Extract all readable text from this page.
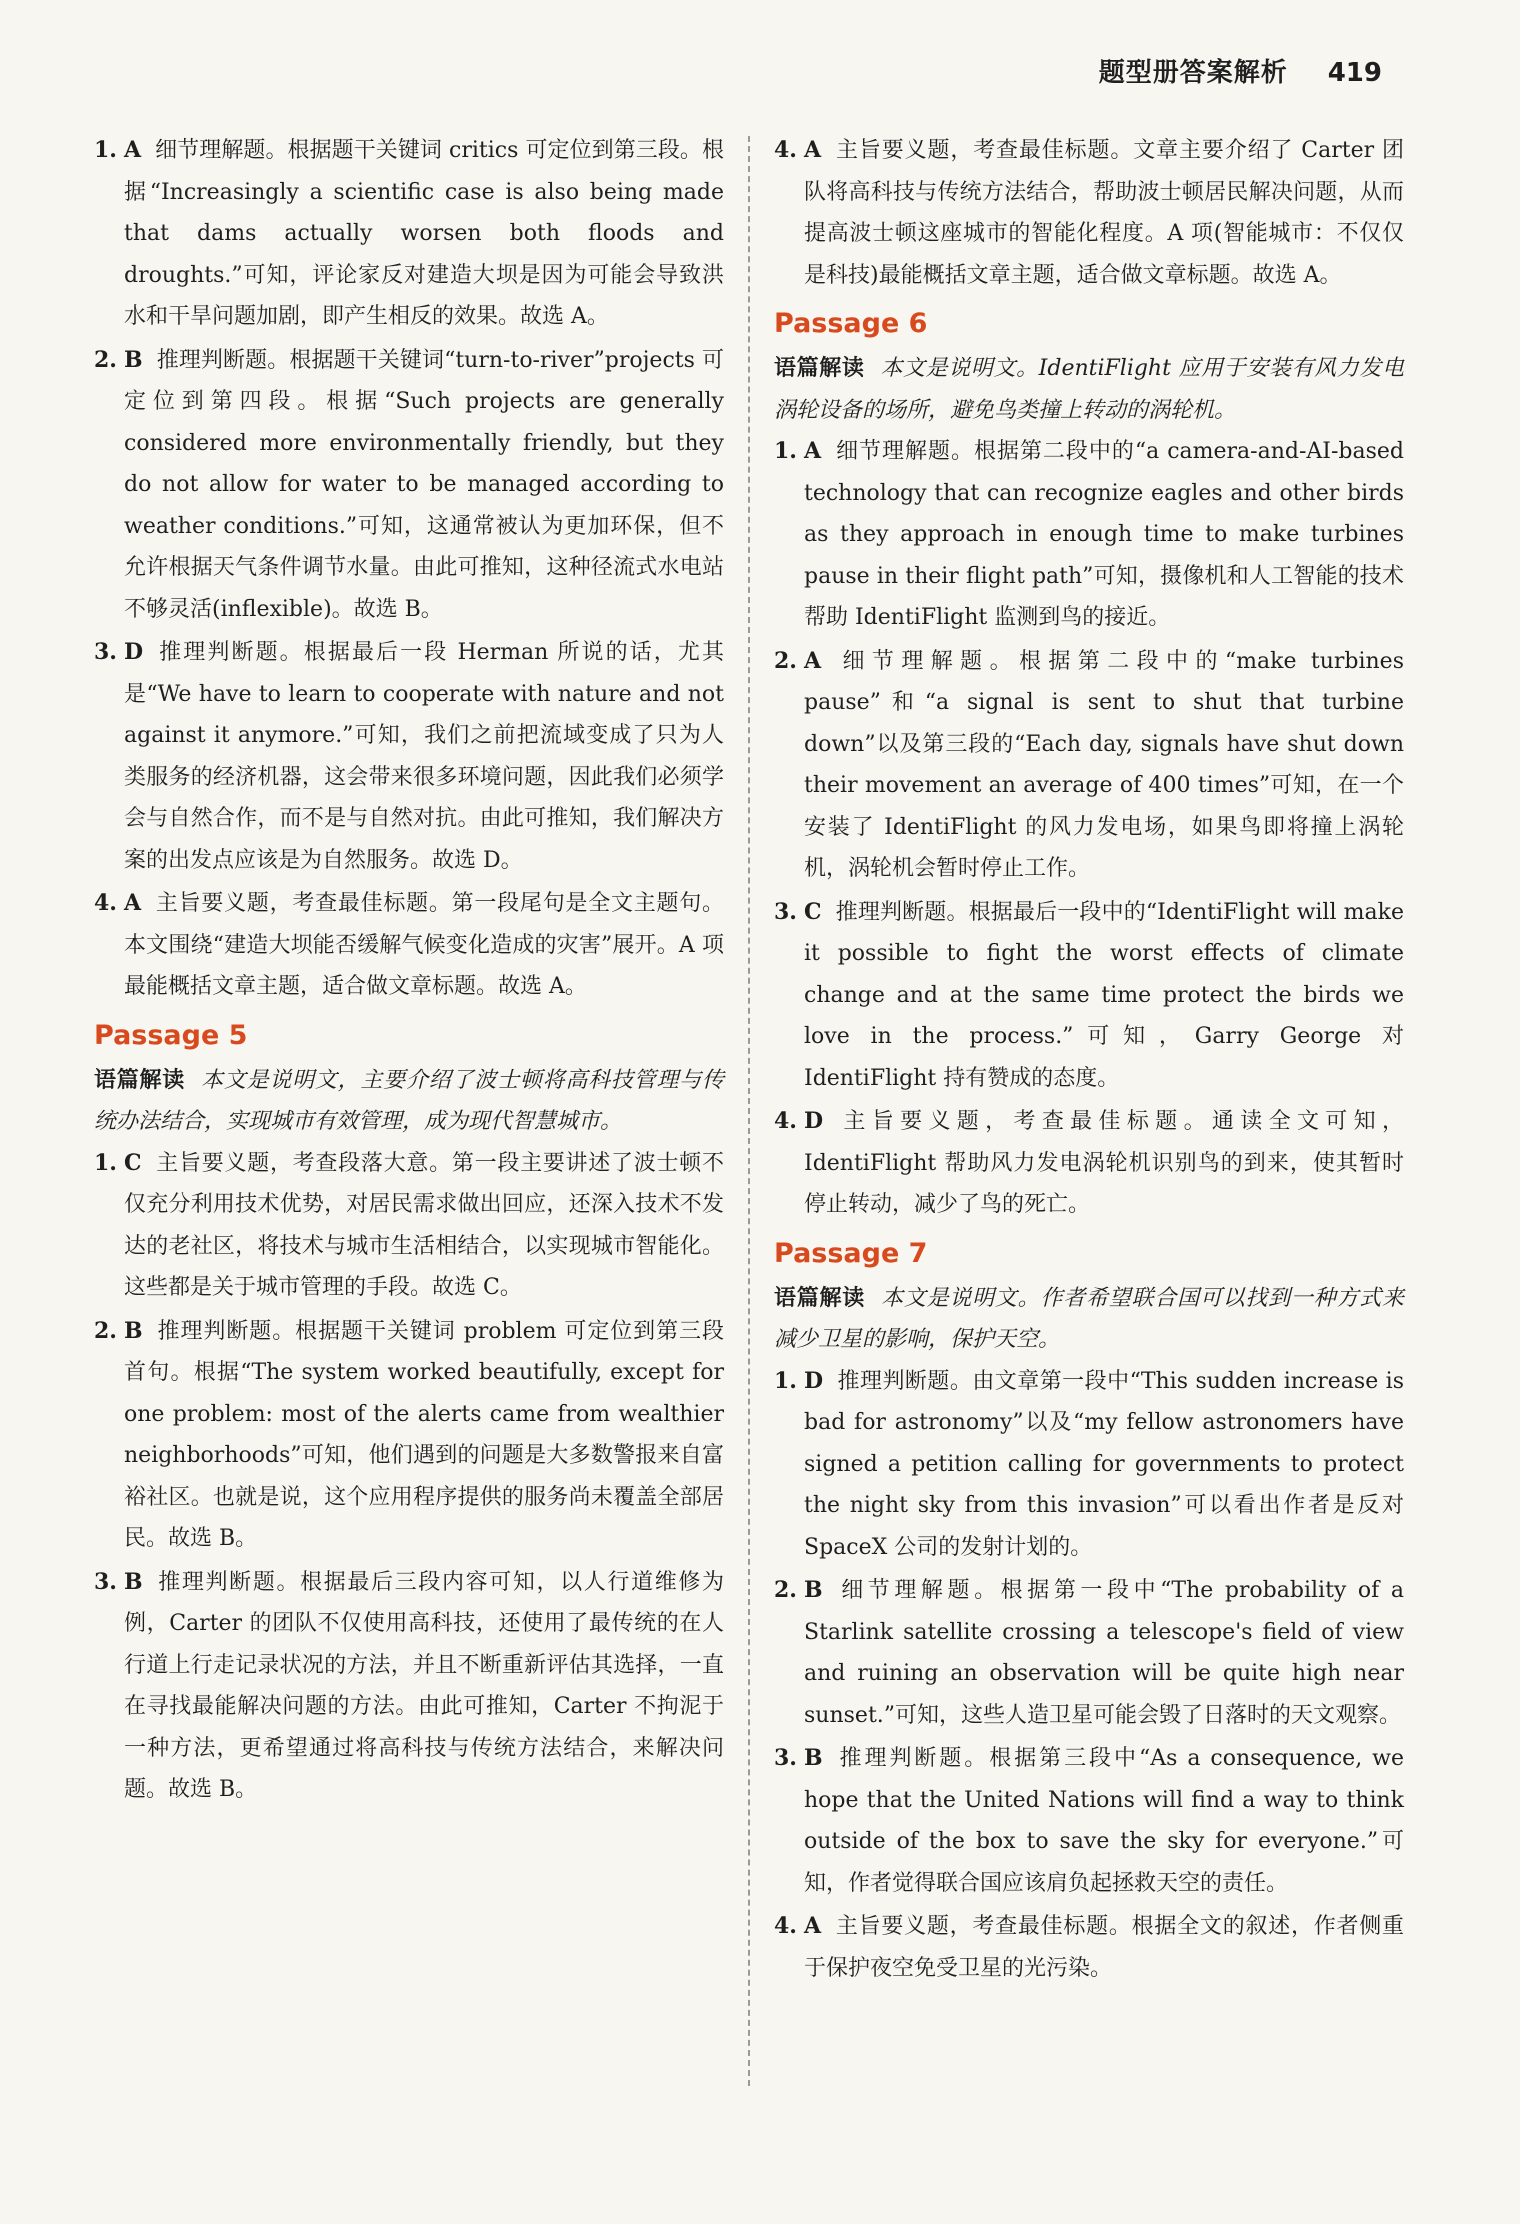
题型册答案解析 419
1. A 细节理解题。根据题干关键词 critics 可定位到第三段。根据“Increasingly a scientific case is also being made that dams actually worsen both floods and droughts.”可知，评论家反对建造大坝是因为可能会导致洪水和干旱问题加剧，即产生相反的效果。故选 A。
2. B 推理判断题。根据题干关键词“turn-to-river”projects 可定位到第四段。根据“Such projects are generally considered more environmentally friendly, but they do not allow for water to be managed according to weather conditions.”可知，这通常被认为更加环保，但不允许根据天气条件调节水量。由此可推知，这种径流式水电站不够灵活(inflexible)。故选 B。
3. D 推理判断题。根据最后一段 Herman 所说的话，尤其是“We have to learn to cooperate with nature and not against it anymore.”可知，我们之前把流域变成了只为人类服务的经济机器，这会带来很多环境问题，因此我们必须学会与自然合作，而不是与自然对抗。由此可推知，我们解决方案的出发点应该是为自然服务。故选 D。
4. A 主旨要义题，考查最佳标题。第一段尾句是全文主题句。本文围绕“建造大坝能否缓解气候变化造成的灾害”展开。A 项最能概括文章主题，适合做文章标题。故选 A。
Passage 5

语篇解读 本文是说明文，主要介绍了波士顿将高科技管理与传统办法结合，实现城市有效管理，成为现代智慧城市。

1. C 主旨要义题，考查段落大意。第一段主要讲述了波士顿不仅充分利用技术优势，对居民需求做出回应，还深入技术不发达的老社区，将技术与城市生活相结合，以实现城市智能化。这些都是关于城市管理的手段。故选 C。
2. B 推理判断题。根据题干关键词 problem 可定位到第三段首句。根据“The system worked beautifully, except for one problem: most of the alerts came from wealthier neighborhoods”可知，他们遇到的问题是大多数警报来自富裕社区。也就是说，这个应用程序提供的服务尚未覆盖全部居民。故选 B。
3. B 推理判断题。根据最后三段内容可知，以人行道维修为例，Carter 的团队不仅使用高科技，还使用了最传统的在人行道上行走记录状况的方法，并且不断重新评估其选择，一直在寻找最能解决问题的方法。由此可推知，Carter 不拘泥于一种方法，更希望通过将高科技与传统方法结合，来解决问题。故选 B。
4. A 主旨要义题，考查最佳标题。文章主要介绍了 Carter 团队将高科技与传统方法结合，帮助波士顿居民解决问题，从而提高波士顿这座城市的智能化程度。A 项(智能城市：不仅仅是科技)最能概括文章主题，适合做文章标题。故选 A。
Passage 6

语篇解读 本文是说明文。IdentiFlight 应用于安装有风力发电涡轮设备的场所，避免鸟类撞上转动的涡轮机。

1. A 细节理解题。根据第二段中的“a camera-and-AI-based technology that can recognize eagles and other birds as they approach in enough time to make turbines pause in their flight path”可知，摄像机和人工智能的技术帮助 IdentiFlight 监测到鸟的接近。
2. A 细节理解题。根据第二段中的“make turbines pause”和“a signal is sent to shut that turbine down”以及第三段的“Each day, signals have shut down their movement an average of 400 times”可知，在一个安装了 IdentiFlight 的风力发电场，如果鸟即将撞上涡轮机，涡轮机会暂时停止工作。
3. C 推理判断题。根据最后一段中的“IdentiFlight will make it possible to fight the worst effects of climate change and at the same time protect the birds we love in the process.”可知，Garry George 对 IdentiFlight 持有赞成的态度。
4. D 主旨要义题，考查最佳标题。通读全文可知，IdentiFlight 帮助风力发电涡轮机识别鸟的到来，使其暂时停止转动，减少了鸟的死亡。
Passage 7

语篇解读 本文是说明文。作者希望联合国可以找到一种方式来减少卫星的影响，保护天空。

1. D 推理判断题。由文章第一段中“This sudden increase is bad for astronomy”以及“my fellow astronomers have signed a petition calling for governments to protect the night sky from this invasion”可以看出作者是反对 SpaceX 公司的发射计划的。
2. B 细节理解题。根据第一段中“The probability of a Starlink satellite crossing a telescope's field of view and ruining an observation will be quite high near sunset.”可知，这些人造卫星可能会毁了日落时的天文观察。
3. B 推理判断题。根据第三段中“As a consequence, we hope that the United Nations will find a way to think outside of the box to save the sky for everyone.”可知，作者觉得联合国应该肩负起拯救天空的责任。
4. A 主旨要义题，考查最佳标题。根据全文的叙述，作者侧重于保护夜空免受卫星的光污染。
